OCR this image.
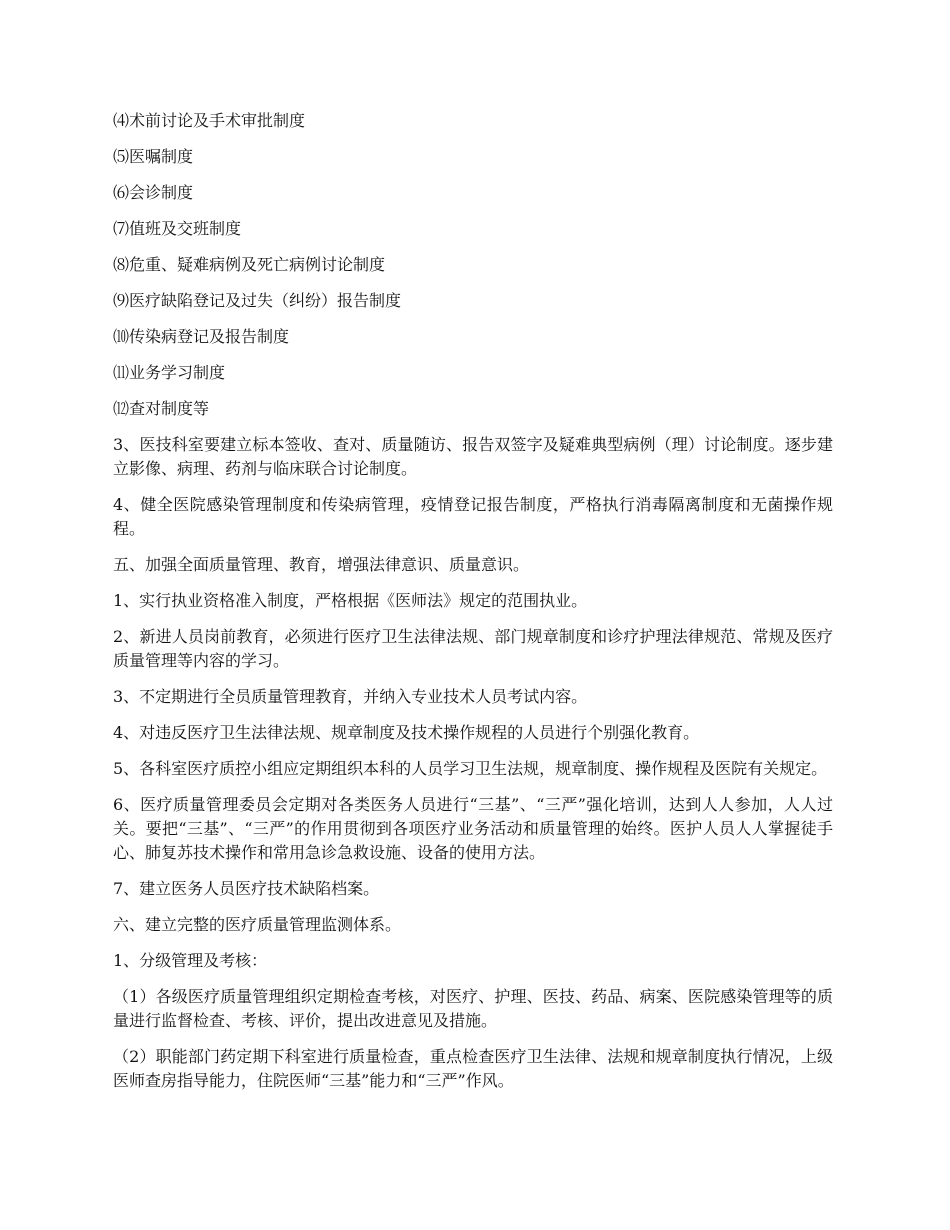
⑷术前讨论及手术审批制度

⑸医嘱制度

⑹会诊制度

⑺值班及交班制度

⑻危重、疑难病例及死亡病例讨论制度

⑼医疗缺陷登记及过失（纠纷）报告制度

⑽传染病登记及报告制度

⑾业务学习制度

⑿查对制度等

3、医技科室要建立标本签收、查对、质量随访、报告双签字及疑难典型病例（理）讨论制度。逐步建立影像、病理、药剂与临床联合讨论制度。

4、健全医院感染管理制度和传染病管理，疫情登记报告制度，严格执行消毒隔离制度和无菌操作规程。

五、加强全面质量管理、教育，增强法律意识、质量意识。

1、实行执业资格准入制度，严格根据《医师法》规定的范围执业。

2、新进人员岗前教育，必须进行医疗卫生法律法规、部门规章制度和诊疗护理法律规范、常规及医疗质量管理等内容的学习。

3、不定期进行全员质量管理教育，并纳入专业技术人员考试内容。

4、对违反医疗卫生法律法规、规章制度及技术操作规程的人员进行个别强化教育。

5、各科室医疗质控小组应定期组织本科的人员学习卫生法规，规章制度、操作规程及医院有关规定。

6、医疗质量管理委员会定期对各类医务人员进行“三基”、“三严”强化培训，达到人人参加，人人过关。要把“三基”、“三严”的作用贯彻到各项医疗业务活动和质量管理的始终。医护人员人人掌握徒手心、肺复苏技术操作和常用急诊急救设施、设备的使用方法。

7、建立医务人员医疗技术缺陷档案。

六、建立完整的医疗质量管理监测体系。

1、分级管理及考核：

（1）各级医疗质量管理组织定期检查考核，对医疗、护理、医技、药品、病案、医院感染管理等的质量进行监督检查、考核、评价，提出改进意见及措施。

（2）职能部门药定期下科室进行质量检查，重点检查医疗卫生法律、法规和规章制度执行情况，上级医师查房指导能力，住院医师“三基”能力和“三严”作风。
